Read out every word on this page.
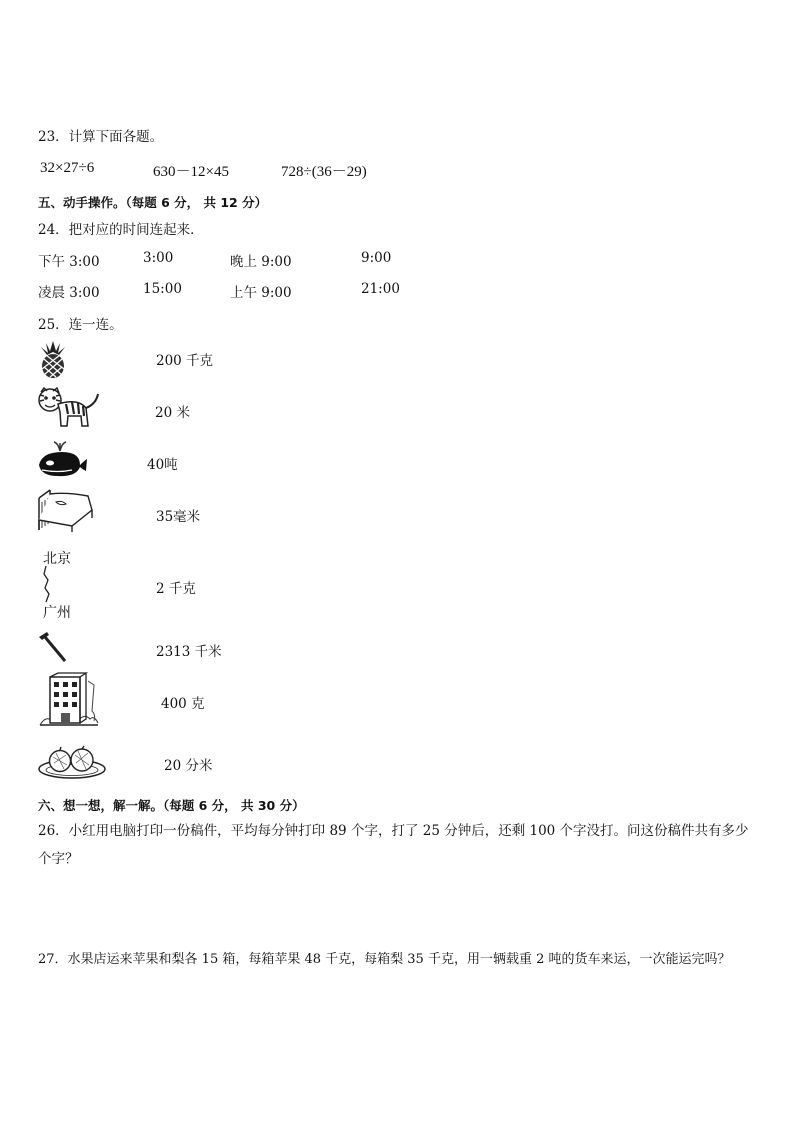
23．计算下面各题。
32×27÷6	630－12×45	728÷(36－29)
五、动手操作。（每题 6 分， 共 12 分）
24．把对应的时间连起来．
下午 3:00	3:00	晚上 9:00	9:00
凌晨 3:00	15:00	上午 9:00	21:00
25．连一连。
200 千克
20 米
40吨
35毫米
北京
广州
2 千克
2313 千米
400 克
20 分米
六、想一想，解一解。（每题 6 分， 共 30 分）
26．小红用电脑打印一份稿件，平均每分钟打印 89 个字，打了 25 分钟后，还剩 100 个字没打。问这份稿件共有多少个字？
27．水果店运来苹果和梨各 15 箱，每箱苹果 48 千克，每箱梨 35 千克，用一辆载重 2 吨的货车来运，一次能运完吗？
